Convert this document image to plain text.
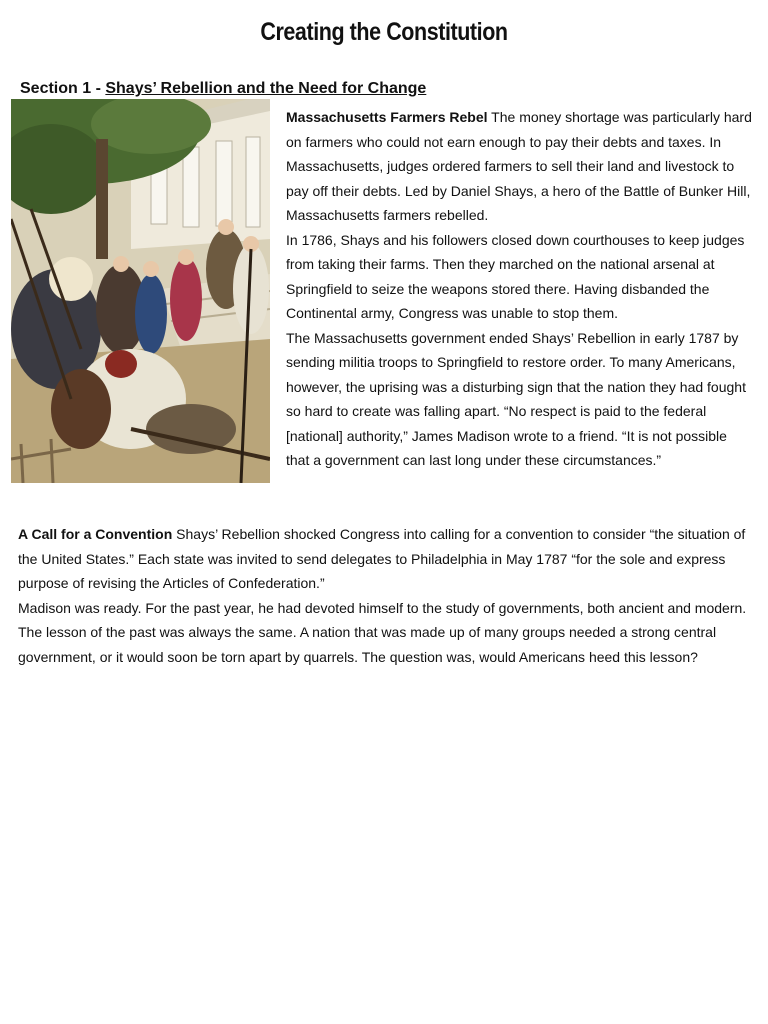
Creating the Constitution
Section 1 - Shays’ Rebellion and the Need for Change

Massachusetts Farmers Rebel The money shortage was particularly hard on farmers who could not earn enough to pay their debts and taxes. In Massachusetts, judges ordered farmers to sell their land and livestock to pay off their debts. Led by Daniel Shays, a hero of the Battle of Bunker Hill, Massachusetts farmers rebelled.

In 1786, Shays and his followers closed down courthouses to keep judges from taking their farms. Then they marched on the national arsenal at Springfield to seize the weapons stored there. Having disbanded the Continental army, Congress was unable to stop them.

The Massachusetts government ended Shays’ Rebellion in early 1787 by sending militia troops to Springfield to restore order. To many Americans, however, the uprising was a disturbing sign that the nation they had fought so hard to create was falling apart. “No respect is paid to the federal [national] authority,” James Madison wrote to a friend. “It is not possible that a government can last long under these circumstances.”

A Call for a Convention Shays’ Rebellion shocked Congress into calling for a convention to consider “the situation of the United States.” Each state was invited to send delegates to Philadelphia in May 1787 “for the sole and express purpose of revising the Articles of Confederation.”

Madison was ready. For the past year, he had devoted himself to the study of governments, both ancient and modern. The lesson of the past was always the same. A nation that was made up of many groups needed a strong central government, or it would soon be torn apart by quarrels. The question was, would Americans heed this lesson?
